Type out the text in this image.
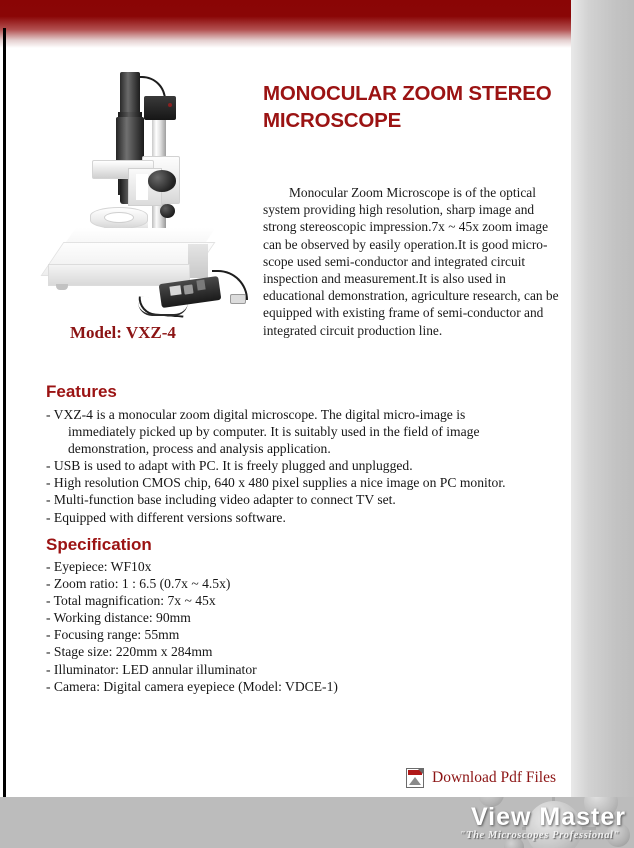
Model: VXZ-4
MONOCULAR ZOOM STEREO MICROSCOPE

Monocular Zoom Microscope is of the optical system providing high resolution, sharp image and strong stereoscopic impression.7x ~ 45x zoom image can be observed by easily operation.It is good micro-scope used semi-conductor and integrated circuit inspection and measurement.It is also used in educational demonstration, agriculture research, can be equipped with existing frame of semi-conductor and integrated circuit production line.

Features
- VXZ-4 is a monocular zoom digital microscope. The digital micro-image is
immediately picked up by computer. It is suitably used in the field of image
demonstration, process and analysis application.
- USB is used to adapt with PC. It is freely plugged and unplugged.
- High resolution CMOS chip, 640 x 480 pixel supplies a nice image on PC monitor.
- Multi-function base including video adapter to connect TV set.
- Equipped with different versions software.
Specification
- Eyepiece: WF10x
- Zoom ratio: 1 : 6.5 (0.7x ~ 4.5x)
- Total magnification: 7x ~ 45x
- Working distance: 90mm
- Focusing range: 55mm
- Stage size: 220mm x 284mm
- Illuminator: LED annular illuminator
- Camera: Digital camera eyepiece (Model: VDCE-1)
Download Pdf Files
View Master
"The Microscopes Professional"
